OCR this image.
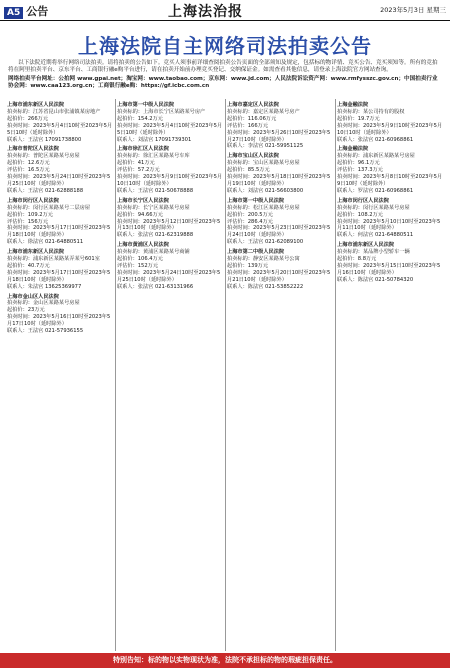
A5 公告	上海法治报	2023年5月3日 星期三
上海法院自主网络司法拍卖公告

以下法院近期将举行网络司法拍卖。请将拍卖的公告如下。竞买人须事前详细查阅拍卖公告页面的全部须知及规定，包括标的物详情、竞买公告、竞买须知等。所有的竞拍将在阿里拍卖平台、京东平台、工商银行融e购平台进行，请在拍卖开始前办理竞买登记、交纳保证金。如需查看其他信息，请登录上海法院官方网站查询。

网络拍卖平台网址：公拍网 www.gpai.net；淘宝网：www.taobao.com；京东网：www.jd.com；人民法院诉讼资产网：www.rmfysszc.gov.cn；中国拍卖行业协会网：www.caa123.org.cn；工商银行融e购：https://gf.icbc.com.cn

上海市浦东新区人民法院
拍卖标的：江苏省昆山市张浦镇某房地产
起拍价：266万元
拍卖时间：2023年5月4日10时至2023年5月5日10时（延时除外）
联系人：王法官 17091738800
上海市普陀区人民法院
拍卖标的：普陀区某路某号房屋
起拍价：12.6万元
评估价：16.5万元
拍卖时间：2023年5月24日10时至2023年5月25日10时（延时除外）
联系人：王法官 021-62888188
上海市闵行区人民法院
拍卖标的：闵行区某路某号二层房屋
起拍价：109.2万元
评估价：156万元
拍卖时间：2023年5月17日10时至2023年5月18日10时（延时除外）
联系人：徐法官 021-64880511
上海市浦东新区人民法院
拍卖标的：浦东新区某路某弄某号601室
起拍价：40.7万元
拍卖时间：2023年5月17日10时至2023年5月18日10时（延时除外）
联系人：朱法官 13625369977
上海市金山区人民法院
拍卖标的：金山区某路某号房屋
起拍价：23万元
拍卖时间：2023年5月16日10时至2023年5月17日10时（延时除外）
联系人：王法官 021-57936155
上海市第一中级人民法院
拍卖标的：上海市长宁区某路某号房产
起拍价：154.2万元
拍卖时间：2023年5月4日10时至2023年5月5日10时（延时除外）
联系人：刘法官 17091739301
上海市徐汇区人民法院
拍卖标的：徐汇区某路某号车库
起拍价：41万元
评估价：57.2万元
拍卖时间：2023年5月9日10时至2023年5月10日10时（延时除外）
联系人：王法官 021-50678888
上海市长宁区人民法院
拍卖标的：长宁区某路某号房屋
起拍价：94.66万元
拍卖时间：2023年5月12日10时至2023年5月13日10时（延时除外）
联系人：张法官 021-62319888
上海市黄浦区人民法院
拍卖标的：黄浦区某路某号商铺
起拍价：106.4万元
评估价：152万元
拍卖时间：2023年5月24日10时至2023年5月25日10时（延时除外）
联系人：张法官 021-63131966
上海市嘉定区人民法院
拍卖标的：嘉定区某路某号房产
起拍价：116.06万元
评估价：166万元
拍卖时间：2023年5月26日10时至2023年5月27日10时（延时除外）
联系人：李法官 021-59951125
上海市宝山区人民法院
拍卖标的：宝山区某路某号房屋
起拍价：85.5万元
拍卖时间：2023年5月18日10时至2023年5月19日10时（延时除外）
联系人：刘法官 021-56603800
上海市第一中级人民法院
拍卖标的：松江区某路某号房屋
起拍价：200.5万元
评估价：286.4万元
拍卖时间：2023年5月23日10时至2023年5月24日10时（延时除外）
联系人：王法官 021-62089100
上海市第二中级人民法院
拍卖标的：静安区某路某号公寓
起拍价：139万元
拍卖时间：2023年5月20日10时至2023年5月21日10时（延时除外）
联系人：陈法官 021-53852222
上海金融法院
拍卖标的：某公司持有的股权
起拍价：19.7万元
拍卖时间：2023年5月9日10时至2023年5月10日10时（延时除外）
联系人：张法官 021-60968861
上海金融法院
拍卖标的：浦东新区某路某号房屋
起拍价：96.1万元
评估价：137.3万元
拍卖时间：2023年5月8日10时至2023年5月9日10时（延时除外）
联系人：罗法官 021-60968861
上海市闵行区人民法院
拍卖标的：闵行区某路某号房屋
起拍价：108.2万元
拍卖时间：2023年5月10日10时至2023年5月11日10时（延时除外）
联系人：何法官 021-64880511
上海市浦东新区人民法院
拍卖标的：某品牌小型轿车一辆
起拍价：8.8万元
拍卖时间：2023年5月15日10时至2023年5月16日10时（延时除外）
联系人：陈法官 021-50784320
特别告知：标的物以实物现状为准，法院不承担标的物的瑕疵担保责任。
